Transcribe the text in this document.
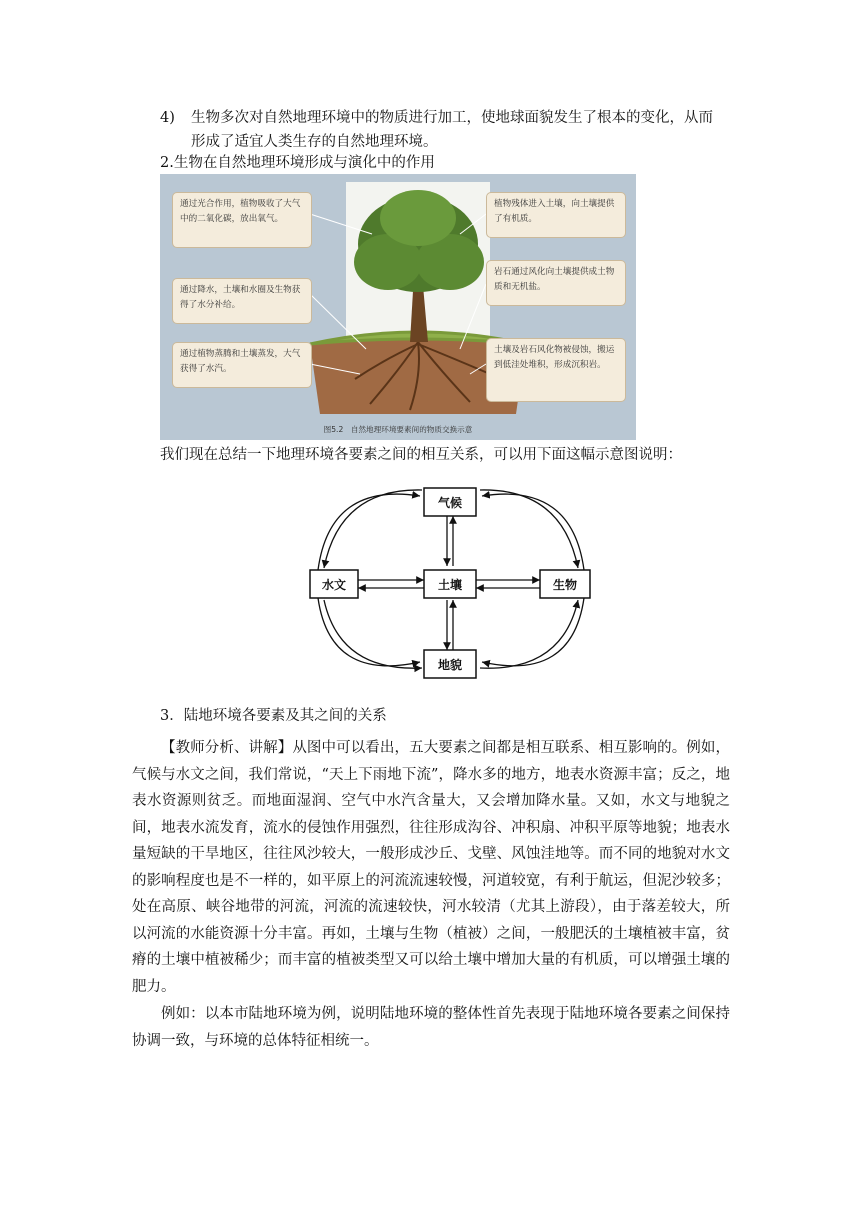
4) 生物多次对自然地理环境中的物质进行加工，使地球面貌发生了根本的变化，从而
形成了适宜人类生存的自然地理环境。
2.生物在自然地理环境形成与演化中的作用
通过光合作用，植物吸收了大气中的二氧化碳，放出氧气。
通过降水，土壤和水圈及生物获得了水分补给。
通过植物蒸腾和土壤蒸发，大气获得了水汽。
植物残体进入土壤，向土壤提供了有机质。
岩石通过风化向土壤提供成土物质和无机盐。
土壤及岩石风化物被侵蚀，搬运到低洼处堆积，形成沉积岩。
图5.2　自然地理环境要素间的物质交换示意
我们现在总结一下地理环境各要素之间的相互关系，可以用下面这幅示意图说明：
气候
水文	土壤	生物
地貌
3．陆地环境各要素及其之间的关系
【教师分析、讲解】从图中可以看出，五大要素之间都是相互联系、相互影响的。例如，气候与水文之间，我们常说，“天上下雨地下流”，降水多的地方，地表水资源丰富；反之，地表水资源则贫乏。而地面湿润、空气中水汽含量大，又会增加降水量。又如，水文与地貌之间，地表水流发育，流水的侵蚀作用强烈，往往形成沟谷、冲积扇、冲积平原等地貌；地表水量短缺的干旱地区，往往风沙较大，一般形成沙丘、戈壁、风蚀洼地等。而不同的地貌对水文的影响程度也是不一样的，如平原上的河流流速较慢，河道较宽，有利于航运，但泥沙较多；处在高原、峡谷地带的河流，河流的流速较快，河水较清（尤其上游段），由于落差较大，所以河流的水能资源十分丰富。再如，土壤与生物（植被）之间，一般肥沃的土壤植被丰富，贫瘠的土壤中植被稀少；而丰富的植被类型又可以给土壤中增加大量的有机质，可以增强土壤的肥力。
例如：以本市陆地环境为例，说明陆地环境的整体性首先表现于陆地环境各要素之间保持协调一致，与环境的总体特征相统一。
